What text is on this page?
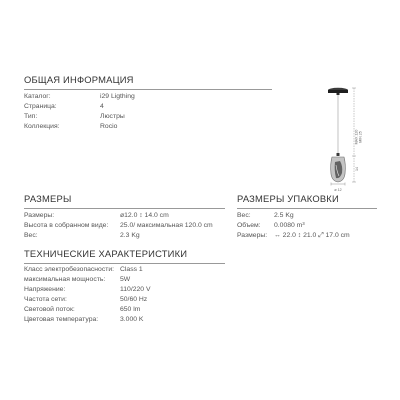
ОБЩАЯ ИНФОРМАЦИЯ
Каталог:	i29 Ligthing
Страница:	4
Тип:	Люстры
Коллекция:	Rocio
ø 12
MAX 120 MIN 25
14
РАЗМЕРЫ
Размеры:	ø12.0 ↕ 14.0 cm
Высота в собранном виде: 25.0/ максимальная 120.0 cm
Вес:	2.3 Kg
РАЗМЕРЫ УПАКОВКИ
Вес:	2.5 Kg
Объем: 0.0080 m³
Размеры: ↔ 22.0 ↕ 21.0 ⤢ 17.0 cm
ТЕХНИЧЕСКИЕ ХАРАКТЕРИСТИКИ
Класс электробезопасности: Class 1
максимальная мощность: 5W
Напряжение:	110/220 V
Частота сети:	50/60 Hz
Световой поток:	650 lm
Цветовая температура:	3.000 K
